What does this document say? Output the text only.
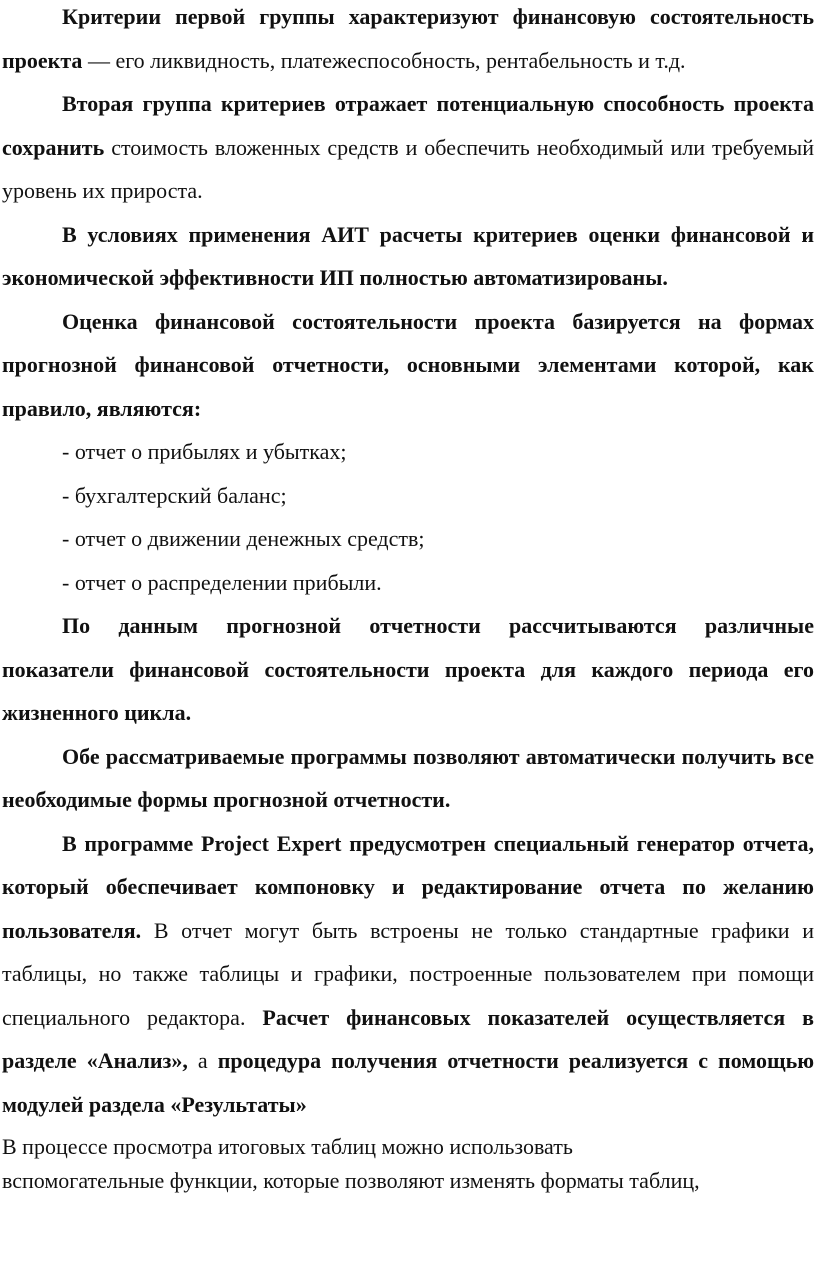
Критерии первой группы характеризуют финансовую состоятельность проекта — его ликвидность, платежеспособность, рентабельность и т.д.

Вторая группа критериев отражает потенциальную способность проекта сохранить стоимость вложенных средств и обеспечить необходимый или требуемый уровень их прироста.

В условиях применения АИТ расчеты критериев оценки финансовой и экономической эффективности ИП полностью автоматизированы.

Оценка финансовой состоятельности проекта базируется на формах прогнозной финансовой отчетности, основными элементами которой, как правило, являются:

- отчет о прибылях и убытках;

- бухгалтерский баланс;

- отчет о движении денежных средств;

- отчет о распределении прибыли.

По данным прогнозной отчетности рассчитываются различные показатели финансовой состоятельности проекта для каждого периода его жизненного цикла.

Обе рассматриваемые программы позволяют автоматически получить все необходимые формы прогнозной отчетности.

В программе Project Expert предусмотрен специальный генератор отчета, который обеспечивает компоновку и редактирование отчета по желанию пользователя. В отчет могут быть встроены не только стандартные графики и таблицы, но также таблицы и графики, построенные пользователем при помощи специального редактора. Расчет финансовых показателей осуществляется в разделе «Анализ», а процедура получения отчетности реализуется с помощью модулей раздела «Результаты»

В процессе просмотра итоговых таблиц можно использовать

вспомогательные функции, которые позволяют изменять форматы таблиц,
